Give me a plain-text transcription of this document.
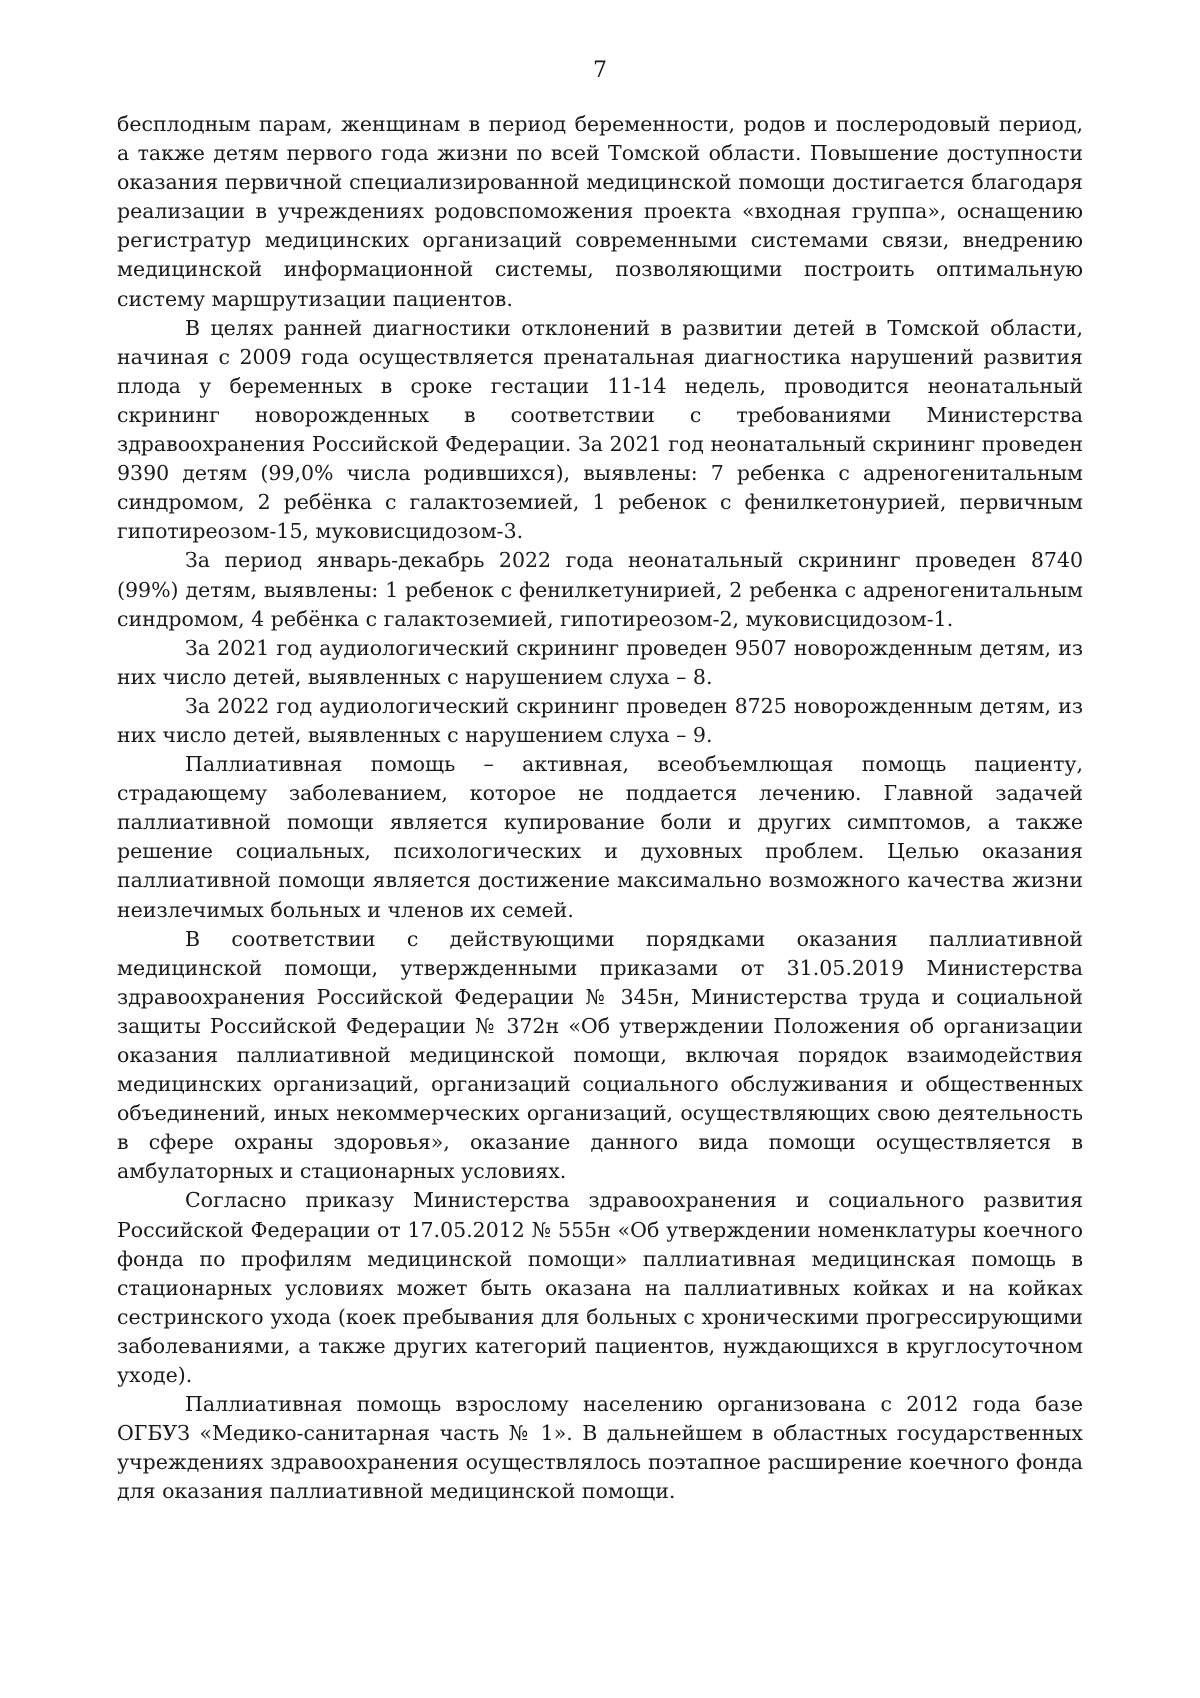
7

бесплодным парам, женщинам в период беременности, родов и послеродовый период, а также детям первого года жизни по всей Томской области. Повышение доступности оказания первичной специализированной медицинской помощи достигается благодаря реализации в учреждениях родовспоможения проекта «входная группа», оснащению регистратур медицинских организаций современными системами связи, внедрению медицинской информационной системы, позволяющими построить оптимальную систему маршрутизации пациентов.

В целях ранней диагностики отклонений в развитии детей в Томской области, начиная с 2009 года осуществляется пренатальная диагностика нарушений развития плода у беременных в сроке гестации 11-14 недель, проводится неонатальный скрининг новорожденных в соответствии с требованиями Министерства здравоохранения Российской Федерации. За 2021 год неонатальный скрининг проведен 9390 детям (99,0% числа родившихся), выявлены: 7 ребенка с адреногенитальным синдромом, 2 ребёнка с галактоземией, 1 ребенок с фенилкетонурией, первичным гипотиреозом-15, муковисцидозом-3.

За период январь-декабрь 2022 года неонатальный скрининг проведен 8740 (99%) детям, выявлены: 1 ребенок с фенилкетунирией, 2 ребенка с адреногенитальным синдромом, 4 ребёнка с галактоземией, гипотиреозом-2, муковисцидозом-1.

За 2021 год аудиологический скрининг проведен 9507 новорожденным детям, из них число детей, выявленных с нарушением слуха – 8.

За 2022 год аудиологический скрининг проведен 8725 новорожденным детям, из них число детей, выявленных с нарушением слуха – 9.

Паллиативная помощь – активная, всеобъемлющая помощь пациенту, страдающему заболеванием, которое не поддается лечению. Главной задачей паллиативной помощи является купирование боли и других симптомов, а также решение социальных, психологических и духовных проблем. Целью оказания паллиативной помощи является достижение максимально возможного качества жизни неизлечимых больных и членов их семей.

В соответствии с действующими порядками оказания паллиативной медицинской помощи, утвержденными приказами от 31.05.2019 Министерства здравоохранения Российской Федерации № 345н, Министерства труда и социальной защиты Российской Федерации № 372н «Об утверждении Положения об организации оказания паллиативной медицинской помощи, включая порядок взаимодействия медицинских организаций, организаций социального обслуживания и общественных объединений, иных некоммерческих организаций, осуществляющих свою деятельность в сфере охраны здоровья», оказание данного вида помощи осуществляется в амбулаторных и стационарных условиях.

Согласно приказу Министерства здравоохранения и социального развития Российской Федерации от 17.05.2012 № 555н «Об утверждении номенклатуры коечного фонда по профилям медицинской помощи» паллиативная медицинская помощь в стационарных условиях может быть оказана на паллиативных койках и на койках сестринского ухода (коек пребывания для больных с хроническими прогрессирующими заболеваниями, а также других категорий пациентов, нуждающихся в круглосуточном уходе).

Паллиативная помощь взрослому населению организована с 2012 года базе ОГБУЗ «Медико-санитарная часть № 1». В дальнейшем в областных государственных учреждениях здравоохранения осуществлялось поэтапное расширение коечного фонда для оказания паллиативной медицинской помощи.
